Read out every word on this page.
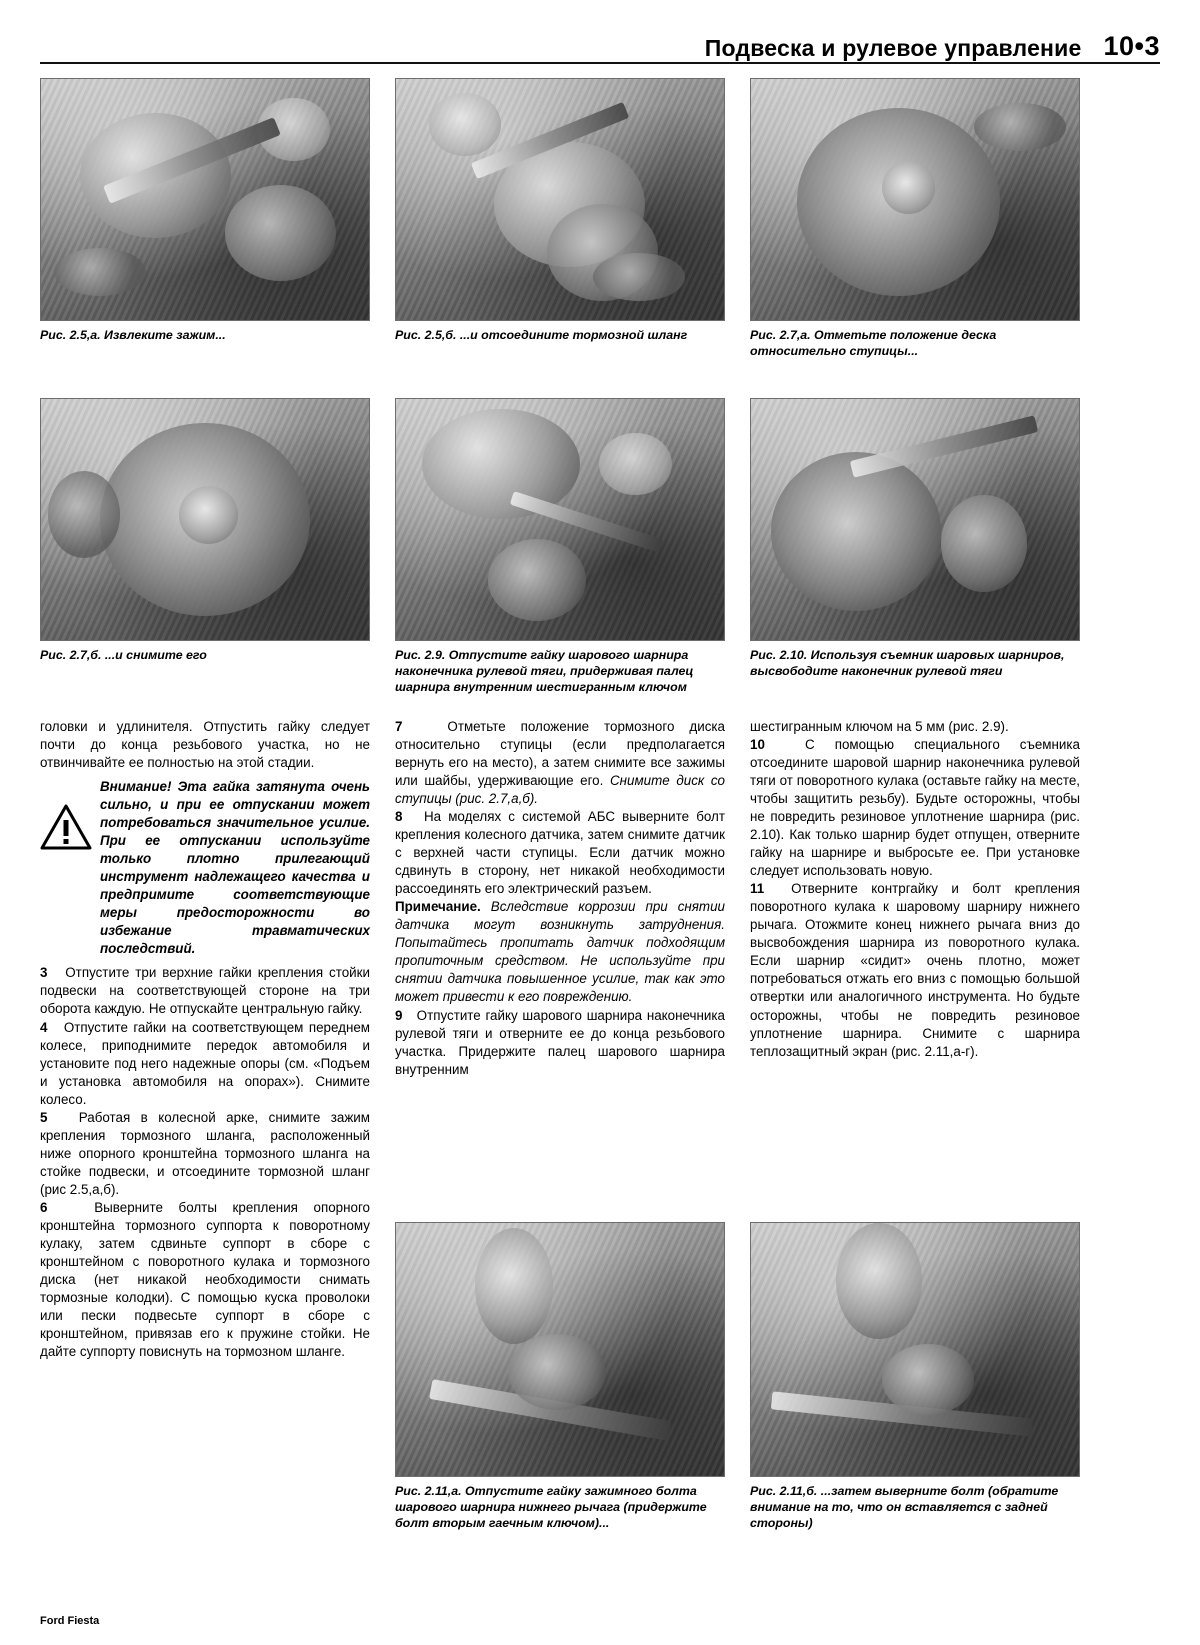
Подвеска и рулевое управление 10•3
Рис. 2.5,а. Извлеките зажим...	Рис. 2.5,б. ...и отсоедините тормозной шланг	Рис. 2.7,а. Отметьте положение деска относительно ступицы...
Рис. 2.7,б. ...и снимите его	Рис. 2.9. Отпустите гайку шарового шарнира наконечника рулевой тяги, придерживая палец шарнира внутренним шестигранным ключом
Рис. 2.10. Используя съемник шаровых шарниров, высвободите наконечник рулевой тяги

головки и удлинителя. Отпустить гайку следует почти до конца резьбового участка, но не отвинчивайте ее полностью на этой стадии.

Внимание! Эта гайка затянута очень сильно, и при ее отпускании может потребоваться значительное усилие. При ее отпускании используйте только плотно прилегающий инструмент надлежащего качества и предпримите соответствующие меры предосторожности во избежание травматических последствий.

3 Отпустите три верхние гайки крепления стойки подвески на соответствующей стороне на три оборота каждую. Не отпускайте центральную гайку.

4 Отпустите гайки на соответствующем переднем колесе, приподнимите передок автомобиля и установите под него надежные опоры (см. «Подъем и установка автомобиля на опорах»). Снимите колесо.

5 Работая в колесной арке, снимите зажим крепления тормозного шланга, расположенный ниже опорного кронштейна тормозного шланга на стойке подвески, и отсоедините тормозной шланг (рис 2.5,а,б).

6	Выверните болты крепления опорного кронштейна тормозного суппорта к поворотному кулаку, затем сдвиньте суппорт в сборе с кронштейном с поворотного кулака и тормозного диска (нет никакой необходимости снимать тормозные колодки). С помощью куска проволоки или пески подвесьте суппорт в сборе с кронштейном, привязав его к пружине стойки. Не дайте суппорту повиснуть на тормозном шланге.

7	Отметьте положение тормозного диска относительно ступицы (если предполагается вернуть его на место), а затем снимите все зажимы или шайбы, удерживающие его. Снимите диск со ступицы (рис. 2.7,а,б).

8 На моделях с системой АБС выверните болт крепления колесного датчика, затем снимите датчик с верхней части ступицы. Если датчик можно сдвинуть в сторону, нет никакой необходимости рассоединять его электрический разъем.

Примечание. Вследствие коррозии при снятии датчика могут возникнуть затруднения. Попытайтесь пропитать датчик подходящим пропиточным средством. Не используйте при снятии датчика повышенное усилие, так как это может привести к его повреждению.

9 Отпустите гайку шарового шарнира наконечника рулевой тяги и отверните ее до конца резьбового участка. Придержите палец шарового шарнира внутренним

шестигранным ключом на 5 мм (рис. 2.9).

10	С помощью специального съемника отсоедините шаровой шарнир наконечника рулевой тяги от поворотного кулака (оставьте гайку на месте, чтобы защитить резьбу). Будьте осторожны, чтобы не повредить резиновое уплотнение шарнира (рис. 2.10). Как только шарнир будет отпущен, отверните гайку на шарнире и выбросьте ее. При установке следует использовать новую.

11 Отверните контргайку и болт крепления поворотного кулака к шаровому шарниру нижнего рычага. Отожмите конец нижнего рычага вниз до высвобождения шарнира из поворотного кулака. Если шарнир «сидит» очень плотно, может потребоваться отжать его вниз с помощью большой отвертки или аналогичного инструмента. Но будьте осторожны, чтобы не повредить резиновое уплотнение шарнира. Снимите с шарнира теплозащитный экран (рис. 2.11,а-г).

Рис. 2.11,а. Отпустите гайку зажимного болта шарового шарнира нижнего рычага (придержите болт вторым гаечным ключом)...
Рис. 2.11,б. ...затем выверните болт (обратите внимание на то, что он вставляется с задней стороны)
Ford Fiesta
